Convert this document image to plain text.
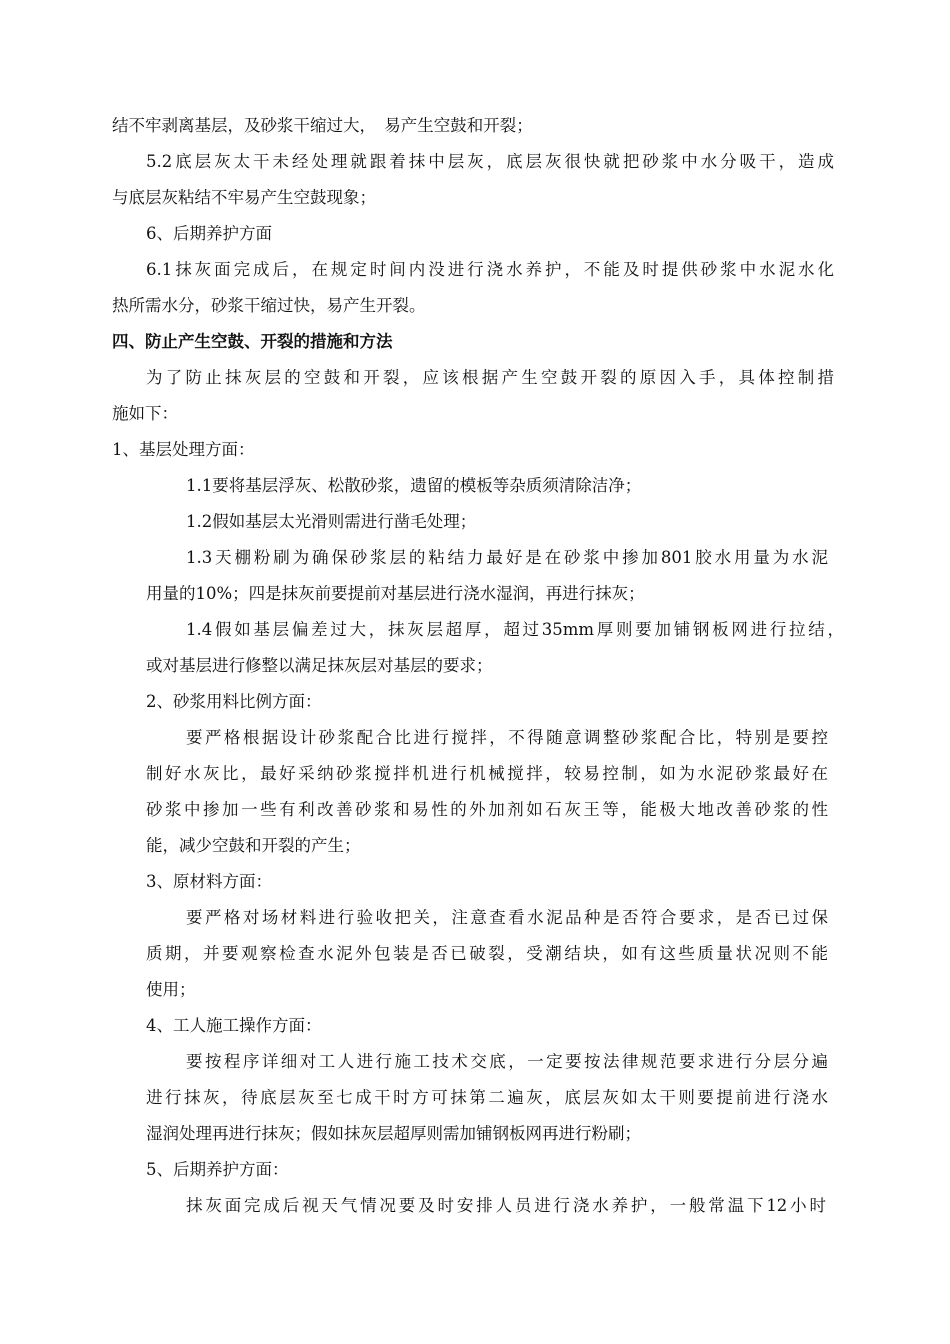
结不牢剥离基层，及砂浆干缩过大，　易产生空鼓和开裂；
5.2底层灰太干未经处理就跟着抹中层灰，底层灰很快就把砂浆中水分吸干，造成
与底层灰粘结不牢易产生空鼓现象；
6、后期养护方面
6.1抹灰面完成后，在规定时间内没进行浇水养护，不能及时提供砂浆中水泥水化
热所需水分，砂浆干缩过快，易产生开裂。
四、防止产生空鼓、开裂的措施和方法
为了防止抹灰层的空鼓和开裂，应该根据产生空鼓开裂的原因入手，具体控制措
施如下：
1、基层处理方面：
1.1要将基层浮灰、松散砂浆，遗留的模板等杂质须清除洁净；
1.2假如基层太光滑则需进行凿毛处理；
1.3天棚粉刷为确保砂浆层的粘结力最好是在砂浆中掺加801胶水用量为水泥
用量的10%；四是抹灰前要提前对基层进行浇水湿润，再进行抹灰；
1.4假如基层偏差过大，抹灰层超厚，超过35mm厚则要加铺钢板网进行拉结，
或对基层进行修整以满足抹灰层对基层的要求；
2、砂浆用料比例方面：
要严格根据设计砂浆配合比进行搅拌，不得随意调整砂浆配合比，特别是要控
制好水灰比，最好采纳砂浆搅拌机进行机械搅拌，较易控制，如为水泥砂浆最好在
砂浆中掺加一些有利改善砂浆和易性的外加剂如石灰王等，能极大地改善砂浆的性
能，减少空鼓和开裂的产生；
3、原材料方面：
要严格对场材料进行验收把关，注意查看水泥品种是否符合要求，是否已过保
质期，并要观察检查水泥外包装是否已破裂，受潮结块，如有这些质量状况则不能
使用；
4、工人施工操作方面：
要按程序详细对工人进行施工技术交底，一定要按法律规范要求进行分层分遍
进行抹灰，待底层灰至七成干时方可抹第二遍灰，底层灰如太干则要提前进行浇水
湿润处理再进行抹灰；假如抹灰层超厚则需加铺钢板网再进行粉刷；
5、后期养护方面：
抹灰面完成后视天气情况要及时安排人员进行浇水养护，一般常温下12小时
